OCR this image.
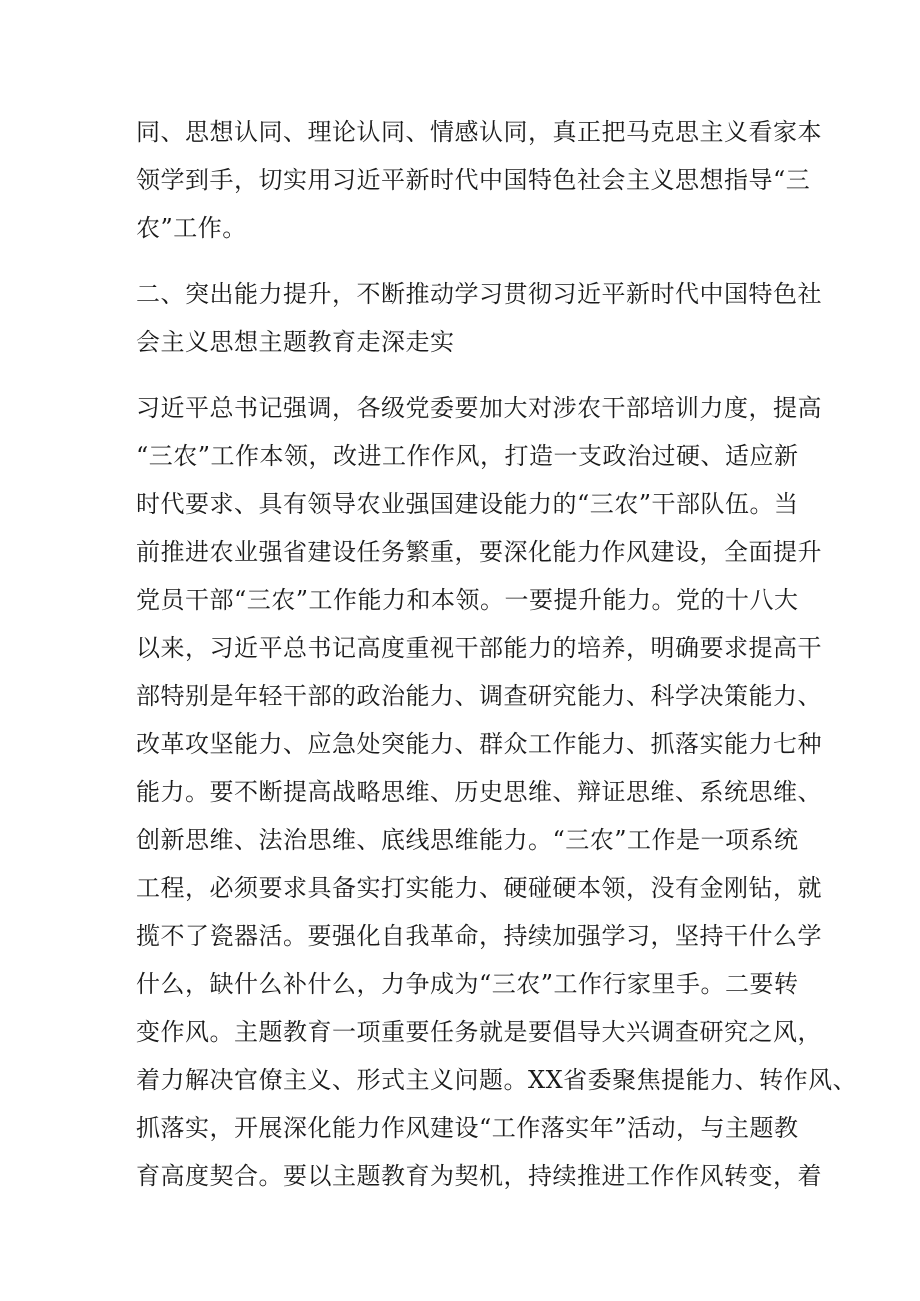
同、思想认同、理论认同、情感认同，真正把马克思主义看家本
领学到手，切实用习近平新时代中国特色社会主义思想指导“三
农”工作。
二、突出能力提升，不断推动学习贯彻习近平新时代中国特色社
会主义思想主题教育走深走实
习近平总书记强调，各级党委要加大对涉农干部培训力度，提高
“三农”工作本领，改进工作作风，打造一支政治过硬、适应新
时代要求、具有领导农业强国建设能力的“三农”干部队伍。当
前推进农业强省建设任务繁重，要深化能力作风建设，全面提升
党员干部“三农”工作能力和本领。一要提升能力。党的十八大
以来，习近平总书记高度重视干部能力的培养，明确要求提高干
部特别是年轻干部的政治能力、调查研究能力、科学决策能力、
改革攻坚能力、应急处突能力、群众工作能力、抓落实能力七种
能力。要不断提高战略思维、历史思维、辩证思维、系统思维、
创新思维、法治思维、底线思维能力。“三农”工作是一项系统
工程，必须要求具备实打实能力、硬碰硬本领，没有金刚钻，就
揽不了瓷器活。要强化自我革命，持续加强学习，坚持干什么学
什么，缺什么补什么，力争成为“三农”工作行家里手。二要转
变作风。主题教育一项重要任务就是要倡导大兴调查研究之风，
着力解决官僚主义、形式主义问题。XX省委聚焦提能力、转作风、
抓落实，开展深化能力作风建设“工作落实年”活动，与主题教
育高度契合。要以主题教育为契机，持续推进工作作风转变，着
